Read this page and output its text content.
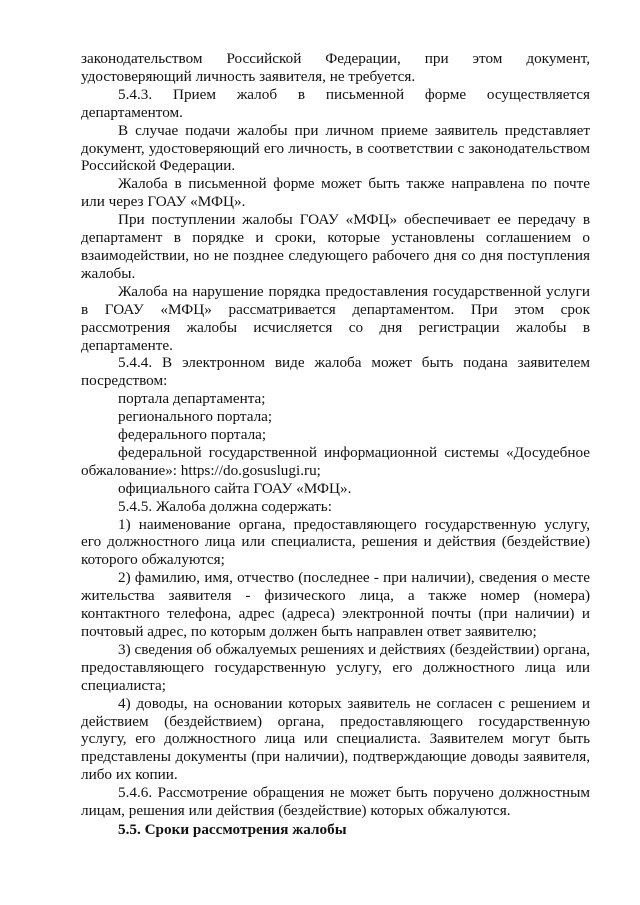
законодательством Российской Федерации, при этом документ, удостоверяющий личность заявителя, не требуется.

5.4.3. Прием жалоб в письменной форме осуществляется департаментом.

В случае подачи жалобы при личном приеме заявитель представляет документ, удостоверяющий его личность, в соответствии с законодательством Российской Федерации.

Жалоба в письменной форме может быть также направлена по почте или через ГОАУ «МФЦ».

При поступлении жалобы ГОАУ «МФЦ» обеспечивает ее передачу в департамент в порядке и сроки, которые установлены соглашением о взаимодействии, но не позднее следующего рабочего дня со дня поступления жалобы.

Жалоба на нарушение порядка предоставления государственной услуги в ГОАУ «МФЦ» рассматривается департаментом. При этом срок рассмотрения жалобы исчисляется со дня регистрации жалобы в департаменте.

5.4.4. В электронном виде жалоба может быть подана заявителем посредством:

портала департамента;

регионального портала;

федерального портала;

федеральной государственной информационной системы «Досудебное обжалование»: https://do.gosuslugi.ru;

официального сайта ГОАУ «МФЦ».

5.4.5. Жалоба должна содержать:

1) наименование органа, предоставляющего государственную услугу, его должностного лица или специалиста, решения и действия (бездействие) которого обжалуются;

2) фамилию, имя, отчество (последнее - при наличии), сведения о месте жительства заявителя - физического лица, а также номер (номера) контактного телефона, адрес (адреса) электронной почты (при наличии) и почтовый адрес, по которым должен быть направлен ответ заявителю;

3) сведения об обжалуемых решениях и действиях (бездействии) органа, предоставляющего государственную услугу, его должностного лица или специалиста;

4) доводы, на основании которых заявитель не согласен с решением и действием (бездействием) органа, предоставляющего государственную услугу, его должностного лица или специалиста. Заявителем могут быть представлены документы (при наличии), подтверждающие доводы заявителя, либо их копии.

5.4.6. Рассмотрение обращения не может быть поручено должностным лицам, решения или действия (бездействие) которых обжалуются.

5.5. Сроки рассмотрения жалобы
